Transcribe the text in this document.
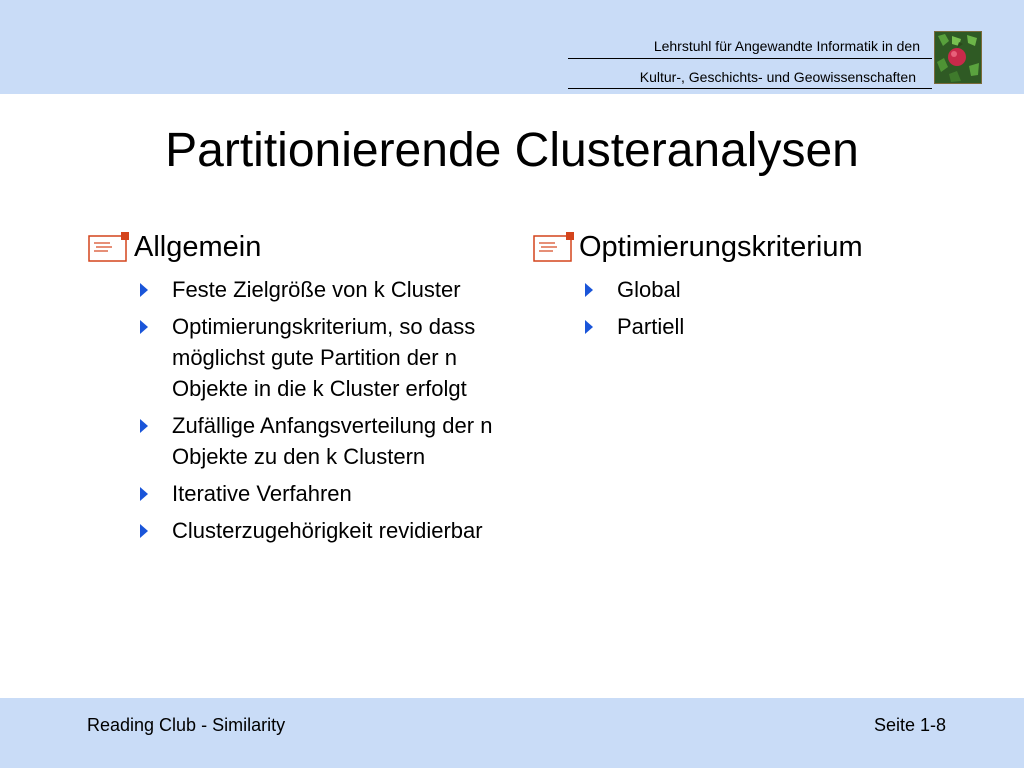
Lehrstuhl für Angewandte Informatik in den
Kultur-, Geschichts- und Geowissenschaften
Partitionierende Clusteranalysen
Allgemein
Feste Zielgröße von k Cluster
Optimierungskriterium, so dass möglichst gute Partition der n Objekte in die k Cluster erfolgt
Zufällige Anfangsverteilung der n Objekte zu den k Clustern
Iterative Verfahren
Clusterzugehörigkeit revidierbar
Optimierungskriterium
Global
Partiell
Reading Club - Similarity	Seite 1-8
